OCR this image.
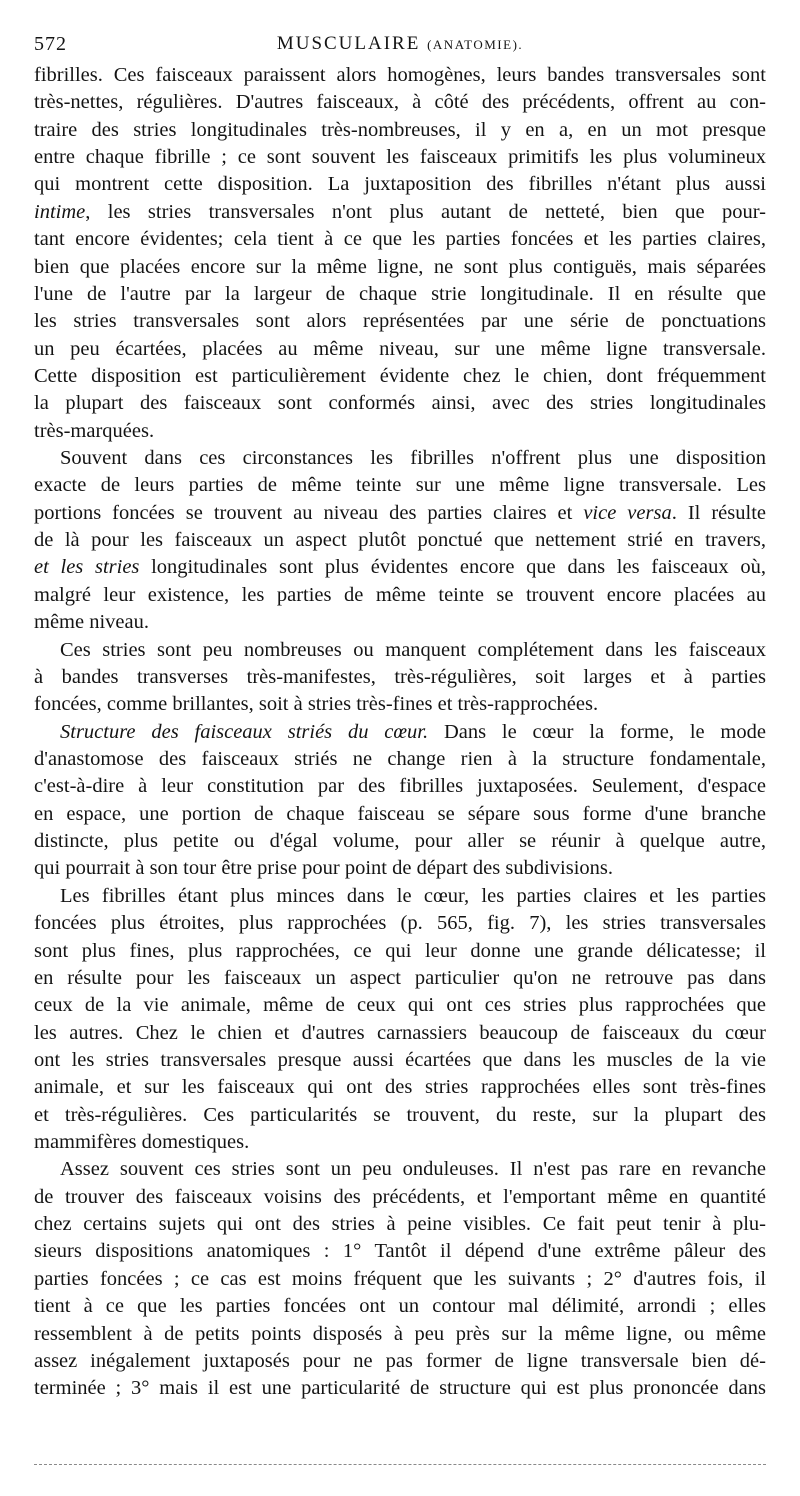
572	MUSCULAIRE (ANATOMIE).
fibrilles. Ces faisceaux paraissent alors homogènes, leurs bandes transversales sont
très-nettes, régulières. D'autres faisceaux, à côté des précédents, offrent au con-
traire des stries longitudinales très-nombreuses, il y en a, en un mot presque
entre chaque fibrille ; ce sont souvent les faisceaux primitifs les plus volumineux
qui montrent cette disposition. La juxtaposition des fibrilles n'étant plus aussi
intime, les stries transversales n'ont plus autant de netteté, bien que pour-
tant encore évidentes; cela tient à ce que les parties foncées et les parties claires,
bien que placées encore sur la même ligne, ne sont plus contiguës, mais séparées
l'une de l'autre par la largeur de chaque strie longitudinale. Il en résulte que
les stries transversales sont alors représentées par une série de ponctuations
un peu écartées, placées au même niveau, sur une même ligne transversale.
Cette disposition est particulièrement évidente chez le chien, dont fréquemment
la plupart des faisceaux sont conformés ainsi, avec des stries longitudinales
très-marquées.
Souvent dans ces circonstances les fibrilles n'offrent plus une disposition
exacte de leurs parties de même teinte sur une même ligne transversale. Les
portions foncées se trouvent au niveau des parties claires et vice versa. Il résulte
de là pour les faisceaux un aspect plutôt ponctué que nettement strié en travers,
et les stries longitudinales sont plus évidentes encore que dans les faisceaux où,
malgré leur existence, les parties de même teinte se trouvent encore placées au
même niveau.
Ces stries sont peu nombreuses ou manquent complétement dans les faisceaux
à bandes transverses très-manifestes, très-régulières, soit larges et à parties
foncées, comme brillantes, soit à stries très-fines et très-rapprochées.
Structure des faisceaux striés du cœur. Dans le cœur la forme, le mode
d'anastomose des faisceaux striés ne change rien à la structure fondamentale,
c'est-à-dire à leur constitution par des fibrilles juxtaposées. Seulement, d'espace
en espace, une portion de chaque faisceau se sépare sous forme d'une branche
distincte, plus petite ou d'égal volume, pour aller se réunir à quelque autre,
qui pourrait à son tour être prise pour point de départ des subdivisions.
Les fibrilles étant plus minces dans le cœur, les parties claires et les parties
foncées plus étroites, plus rapprochées (p. 565, fig. 7), les stries transversales
sont plus fines, plus rapprochées, ce qui leur donne une grande délicatesse; il
en résulte pour les faisceaux un aspect particulier qu'on ne retrouve pas dans
ceux de la vie animale, même de ceux qui ont ces stries plus rapprochées que
les autres. Chez le chien et d'autres carnassiers beaucoup de faisceaux du cœur
ont les stries transversales presque aussi écartées que dans les muscles de la vie
animale, et sur les faisceaux qui ont des stries rapprochées elles sont très-fines
et très-régulières. Ces particularités se trouvent, du reste, sur la plupart des
mammifères domestiques.
Assez souvent ces stries sont un peu onduleuses. Il n'est pas rare en revanche
de trouver des faisceaux voisins des précédents, et l'emportant même en quantité
chez certains sujets qui ont des stries à peine visibles. Ce fait peut tenir à plu-
sieurs dispositions anatomiques : 1° Tantôt il dépend d'une extrême pâleur des
parties foncées ; ce cas est moins fréquent que les suivants ; 2° d'autres fois, il
tient à ce que les parties foncées ont un contour mal délimité, arrondi ; elles
ressemblent à de petits points disposés à peu près sur la même ligne, ou même
assez inégalement juxtaposés pour ne pas former de ligne transversale bien dé-
terminée ; 3° mais il est une particularité de structure qui est plus prononcée dans
